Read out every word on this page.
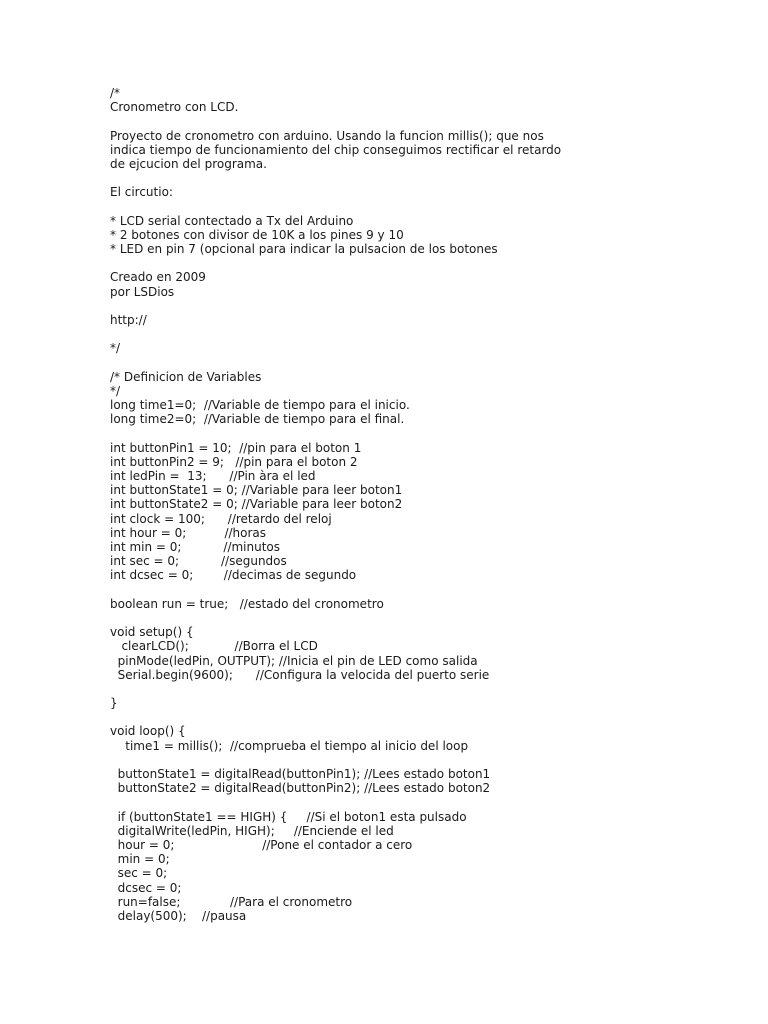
/*
Cronometro con LCD.
Proyecto de cronometro con arduino. Usando la funcion millis(); que nos
indica tiempo de funcionamiento del chip conseguimos rectificar el retardo
de ejcucion del programa.
El circutio:
* LCD serial contectado a Tx del Arduino
* 2 botones con divisor de 10K a los pines 9 y 10
* LED en pin 7 (opcional para indicar la pulsacion de los botones
Creado en 2009
por LSDios
http://
*/
/* Definicion de Variables
*/
long time1=0;  //Variable de tiempo para el inicio.
long time2=0;  //Variable de tiempo para el final.
int buttonPin1 = 10;  //pin para el boton 1
int buttonPin2 = 9;   //pin para el boton 2
int ledPin =  13;      //Pin àra el led
int buttonState1 = 0; //Variable para leer boton1
int buttonState2 = 0; //Variable para leer boton2
int clock = 100;      //retardo del reloj
int hour = 0;          //horas
int min = 0;           //minutos
int sec = 0;           //segundos
int dcsec = 0;        //decimas de segundo
boolean run = true;   //estado del cronometro
void setup() {
clearLCD();            //Borra el LCD
pinMode(ledPin, OUTPUT); //Inicia el pin de LED como salida
Serial.begin(9600);      //Configura la velocida del puerto serie
}
void loop() {
time1 = millis();  //comprueba el tiempo al inicio del loop
buttonState1 = digitalRead(buttonPin1); //Lees estado boton1
buttonState2 = digitalRead(buttonPin2); //Lees estado boton2
if (buttonState1 == HIGH) {     //Si el boton1 esta pulsado
digitalWrite(ledPin, HIGH);     //Enciende el led
hour = 0;                       //Pone el contador a cero
min = 0;
sec = 0;
dcsec = 0;
run=false;             //Para el cronometro
delay(500);    //pausa
